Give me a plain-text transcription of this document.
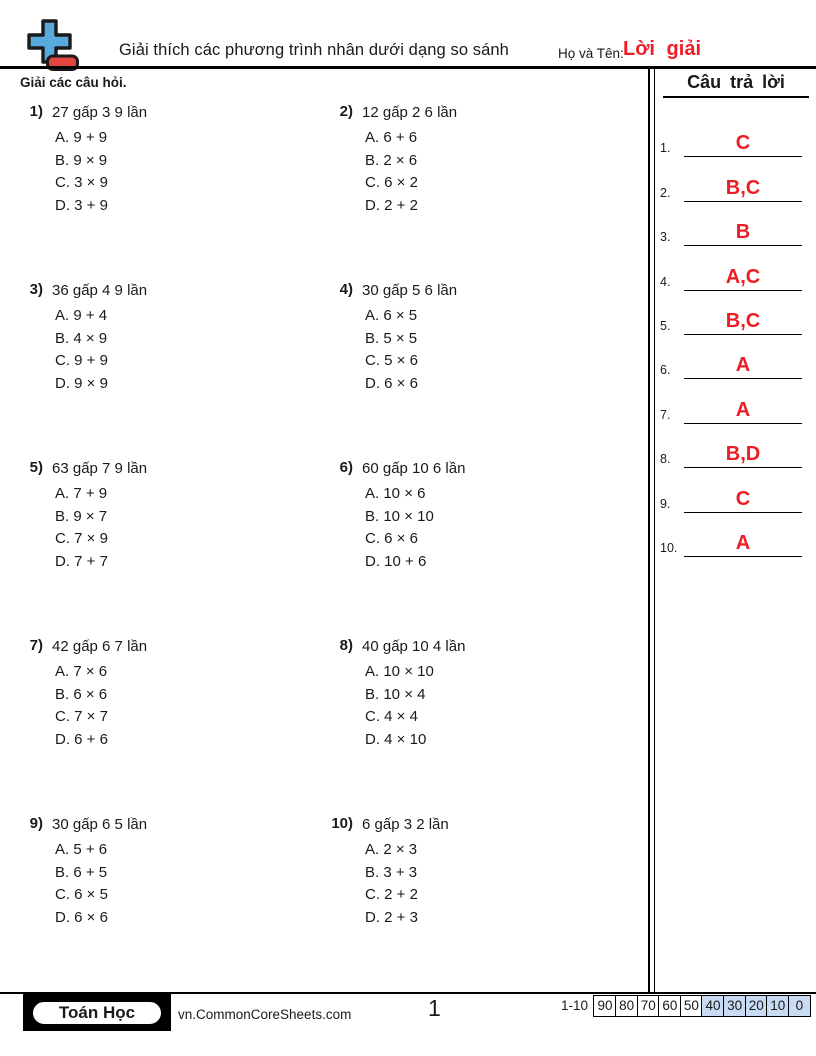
Giải thích các phương trình nhân dưới dạng so sánh	Họ và Tên: Lời giải
Giải các câu hỏi.
1) 27 gấp 3 9 lần
A. 9 + 9
B. 9 × 9
C. 3 × 9
D. 3 + 9
2) 12 gấp 2 6 lần
A. 6 + 6
B. 2 × 6
C. 6 × 2
D. 2 + 2
3) 36 gấp 4 9 lần
A. 9 + 4
B. 4 × 9
C. 9 + 9
D. 9 × 9
4) 30 gấp 5 6 lần
A. 6 × 5
B. 5 × 5
C. 5 × 6
D. 6 × 6
5) 63 gấp 7 9 lần
A. 7 + 9
B. 9 × 7
C. 7 × 9
D. 7 + 7
6) 60 gấp 10 6 lần
A. 10 × 6
B. 10 × 10
C. 6 × 6
D. 10 + 6
7) 42 gấp 6 7 lần
A. 7 × 6
B. 6 × 6
C. 7 × 7
D. 6 + 6
8) 40 gấp 10 4 lần
A. 10 × 10
B. 10 × 4
C. 4 × 4
D. 4 × 10
9) 30 gấp 6 5 lần
A. 5 + 6
B. 6 + 5
C. 6 × 5
D. 6 × 6
10) 6 gấp 3 2 lần
A. 2 × 3
B. 3 + 3
C. 2 + 2
D. 2 + 3
Câu trả lời
1.	C
2.	B,C
3.	B
4.	A,C
5.	B,C
6.	A
7.	A
8.	B,D
9.	C
10.	A
Toán Học	vn.CommonCoreSheets.com	1	1-10 90 80 70 60 50 40 30 20 10 0
